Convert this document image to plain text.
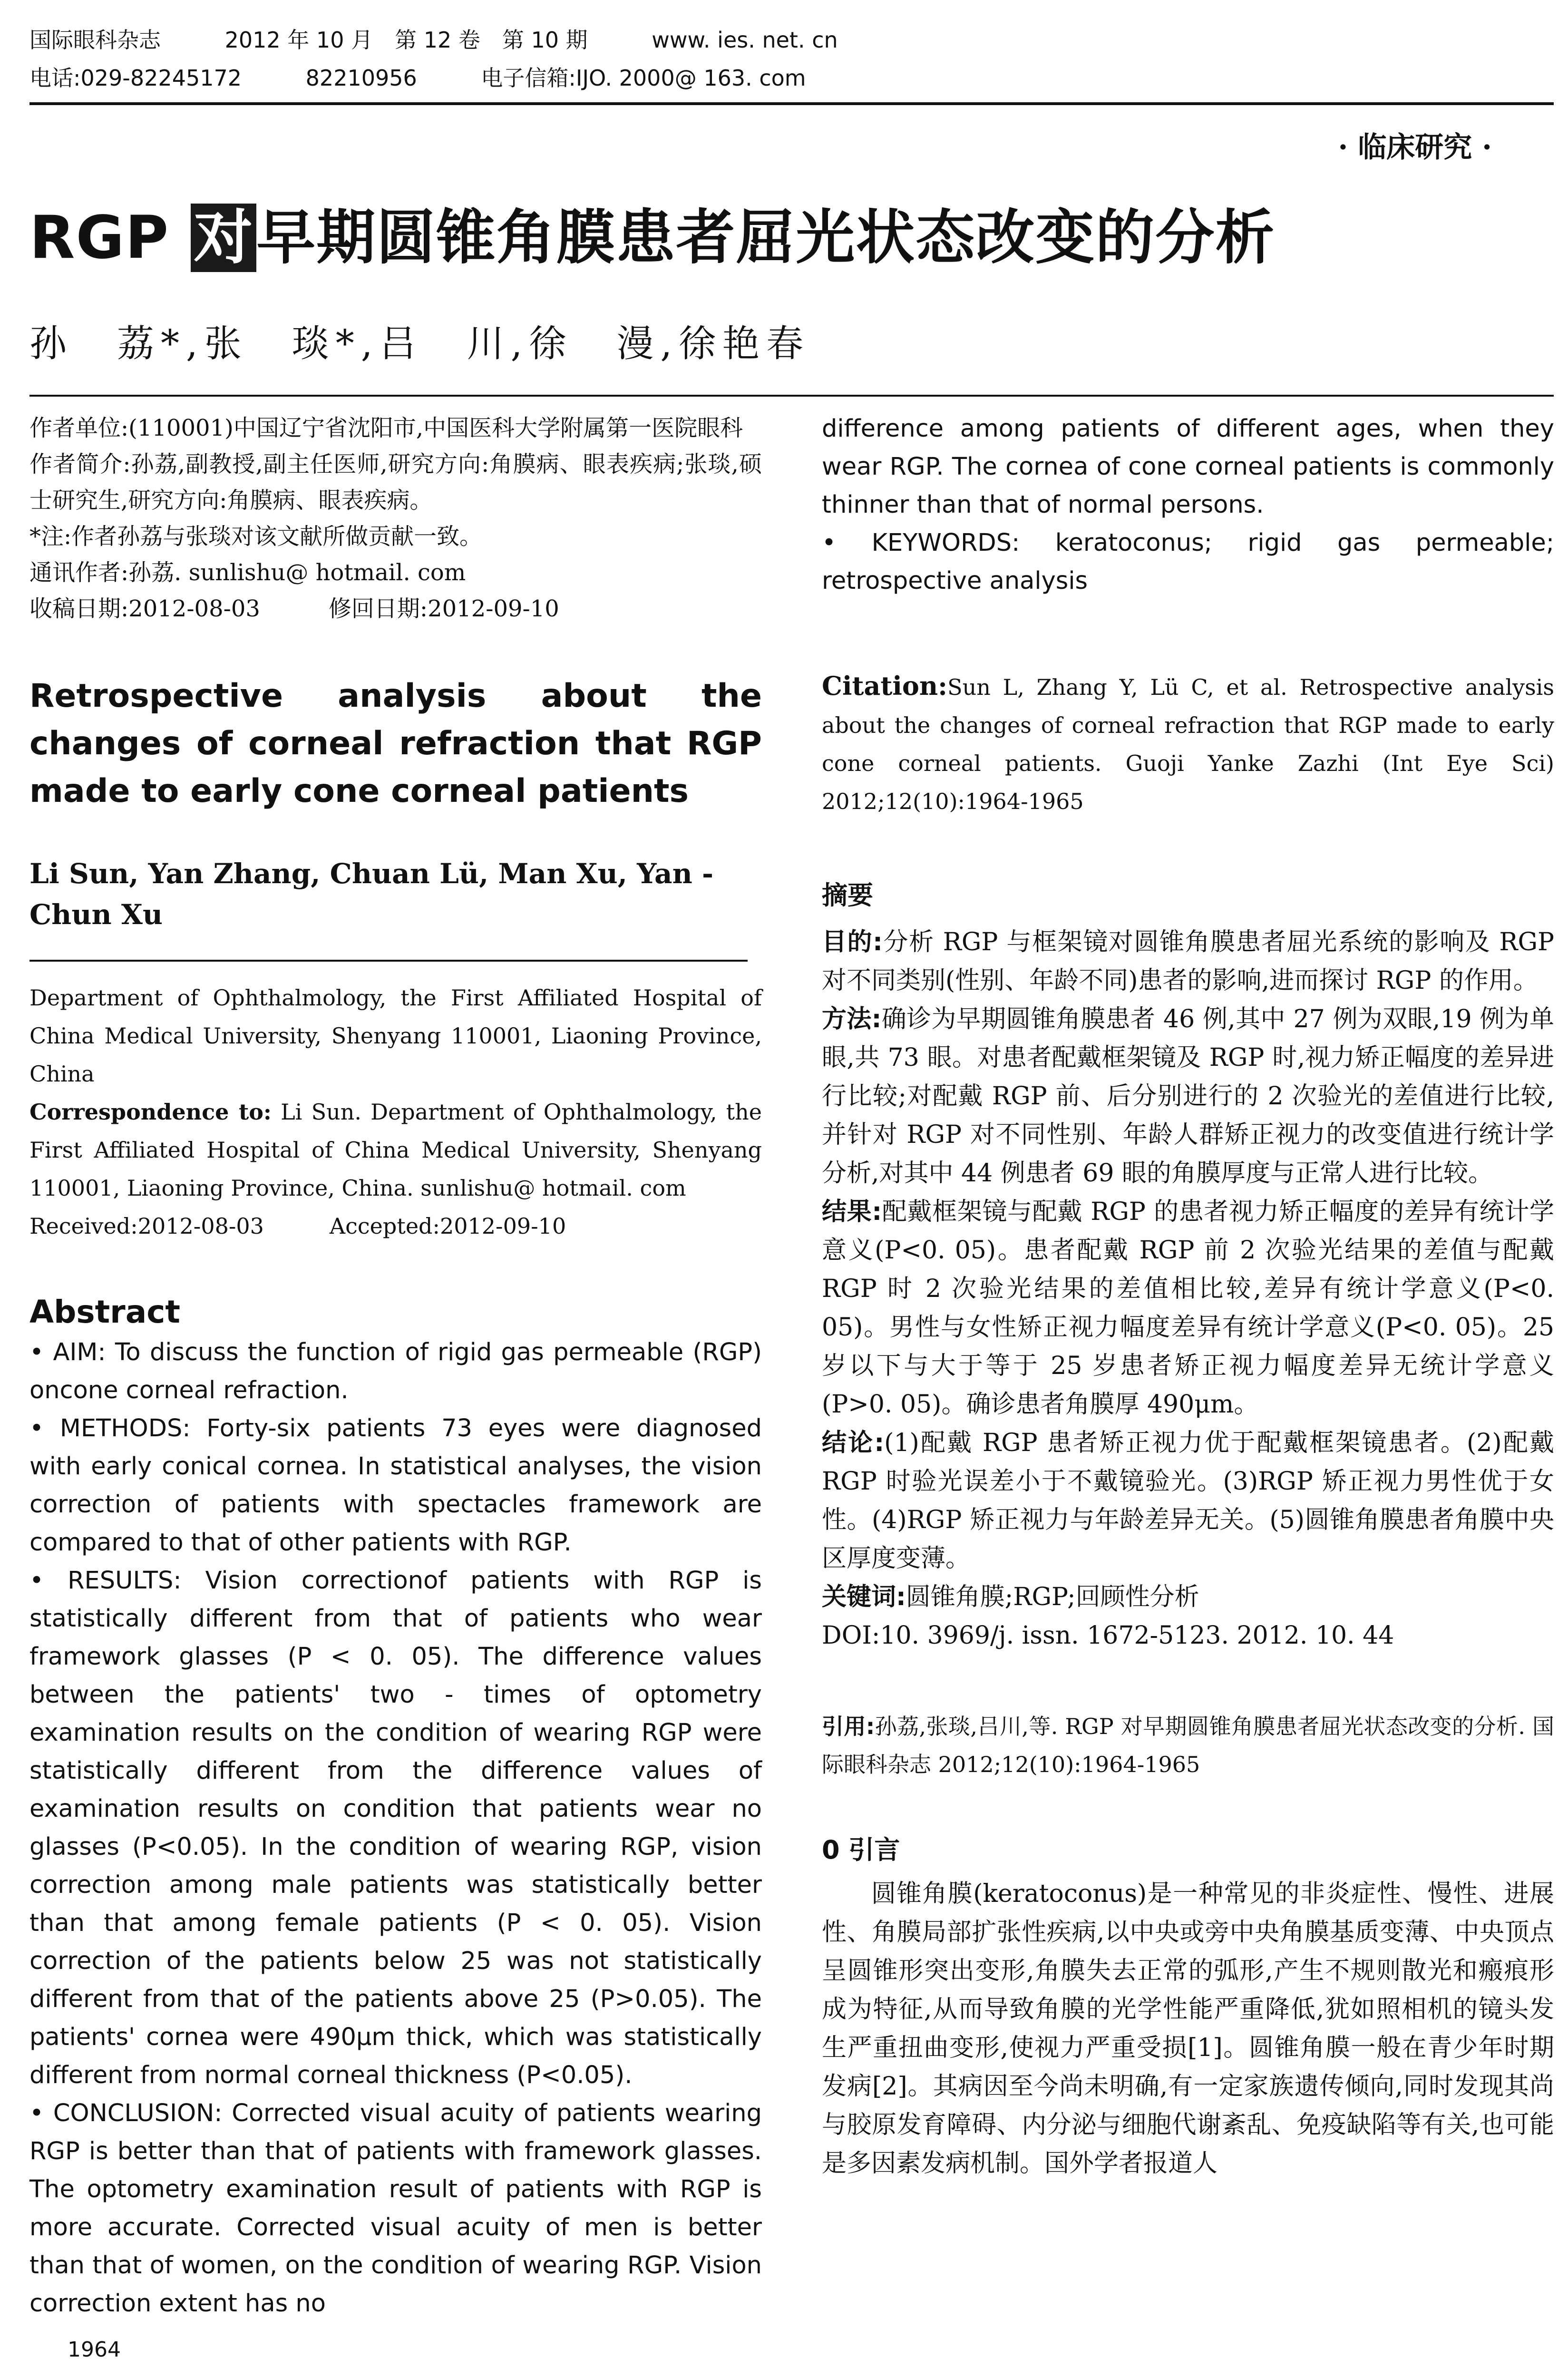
国际眼科杂志	2012 年 10 月　第 12 卷　第 10 期	www. ies. net. cn
电话:029-82245172	82210956	电子信箱:IJO. 2000@ 163. com
· 临床研究 ·
RGP 对早期圆锥角膜患者屈光状态改变的分析
孙　荔*,张　琰*,吕　川,徐　漫,徐艳春
作者单位:(110001)中国辽宁省沈阳市,中国医科大学附属第一医院眼科
作者简介:孙荔,副教授,副主任医师,研究方向:角膜病、眼表疾病;张琰,硕士研究生,研究方向:角膜病、眼表疾病。
*注:作者孙荔与张琰对该文献所做贡献一致。
通讯作者:孙荔. sunlishu@ hotmail. com
收稿日期:2012-08-03　　　修回日期:2012-09-10
Retrospective analysis about the changes of corneal refraction that RGP made to early cone corneal patients
Li Sun, Yan Zhang, Chuan Lü, Man Xu, Yan - Chun Xu
Department of Ophthalmology, the First Affiliated Hospital of China Medical University, Shenyang 110001, Liaoning Province, China
Correspondence to: Li Sun. Department of Ophthalmology, the First Affiliated Hospital of China Medical University, Shenyang 110001, Liaoning Province, China. sunlishu@ hotmail. com
Received:2012-08-03　　　Accepted:2012-09-10
Abstract
• AIM: To discuss the function of rigid gas permeable (RGP) oncone corneal refraction.
• METHODS: Forty-six patients 73 eyes were diagnosed with early conical cornea. In statistical analyses, the vision correction of patients with spectacles framework are compared to that of other patients with RGP.
• RESULTS: Vision correctionof patients with RGP is statistically different from that of patients who wear framework glasses (P < 0. 05). The difference values between the patients' two - times of optometry examination results on the condition of wearing RGP were statistically different from the difference values of examination results on condition that patients wear no glasses (P<0.05). In the condition of wearing RGP, vision correction among male patients was statistically better than that among female patients (P < 0. 05). Vision correction of the patients below 25 was not statistically different from that of the patients above 25 (P>0.05). The patients' cornea were 490μm thick, which was statistically different from normal corneal thickness (P<0.05).
• CONCLUSION: Corrected visual acuity of patients wearing RGP is better than that of patients with framework glasses. The optometry examination result of patients with RGP is more accurate. Corrected visual acuity of men is better than that of women, on the condition of wearing RGP. Vision correction extent has no
difference among patients of different ages, when they wear RGP. The cornea of cone corneal patients is commonly thinner than that of normal persons.
• KEYWORDS: keratoconus; rigid gas permeable; retrospective analysis
Citation:Sun L, Zhang Y, Lü C, et al. Retrospective analysis about the changes of corneal refraction that RGP made to early cone corneal patients. Guoji Yanke Zazhi (Int Eye Sci) 2012;12(10):1964-1965
摘要

目的:分析 RGP 与框架镜对圆锥角膜患者屈光系统的影响及 RGP 对不同类别(性别、年龄不同)患者的影响,进而探讨 RGP 的作用。

方法:确诊为早期圆锥角膜患者 46 例,其中 27 例为双眼,19 例为单眼,共 73 眼。对患者配戴框架镜及 RGP 时,视力矫正幅度的差异进行比较;对配戴 RGP 前、后分别进行的 2 次验光的差值进行比较,并针对 RGP 对不同性别、年龄人群矫正视力的改变值进行统计学分析,对其中 44 例患者 69 眼的角膜厚度与正常人进行比较。

结果:配戴框架镜与配戴 RGP 的患者视力矫正幅度的差异有统计学意义(P<0. 05)。患者配戴 RGP 前 2 次验光结果的差值与配戴 RGP 时 2 次验光结果的差值相比较,差异有统计学意义(P<0. 05)。男性与女性矫正视力幅度差异有统计学意义(P<0. 05)。25 岁以下与大于等于 25 岁患者矫正视力幅度差异无统计学意义(P>0. 05)。确诊患者角膜厚 490μm。

结论:(1)配戴 RGP 患者矫正视力优于配戴框架镜患者。(2)配戴 RGP 时验光误差小于不戴镜验光。(3)RGP 矫正视力男性优于女性。(4)RGP 矫正视力与年龄差异无关。(5)圆锥角膜患者角膜中央区厚度变薄。

关键词:圆锥角膜;RGP;回顾性分析

DOI:10. 3969/j. issn. 1672-5123. 2012. 10. 44

引用:孙荔,张琰,吕川,等. RGP 对早期圆锥角膜患者屈光状态改变的分析. 国际眼科杂志 2012;12(10):1964-1965
0 引言
圆锥角膜(keratoconus)是一种常见的非炎症性、慢性、进展性、角膜局部扩张性疾病,以中央或旁中央角膜基质变薄、中央顶点呈圆锥形突出变形,角膜失去正常的弧形,产生不规则散光和瘢痕形成为特征,从而导致角膜的光学性能严重降低,犹如照相机的镜头发生严重扭曲变形,使视力严重受损[1]。圆锥角膜一般在青少年时期发病[2]。其病因至今尚未明确,有一定家族遗传倾向,同时发现其尚与胶原发育障碍、内分泌与细胞代谢紊乱、免疫缺陷等有关,也可能是多因素发病机制。国外学者报道人
1964
